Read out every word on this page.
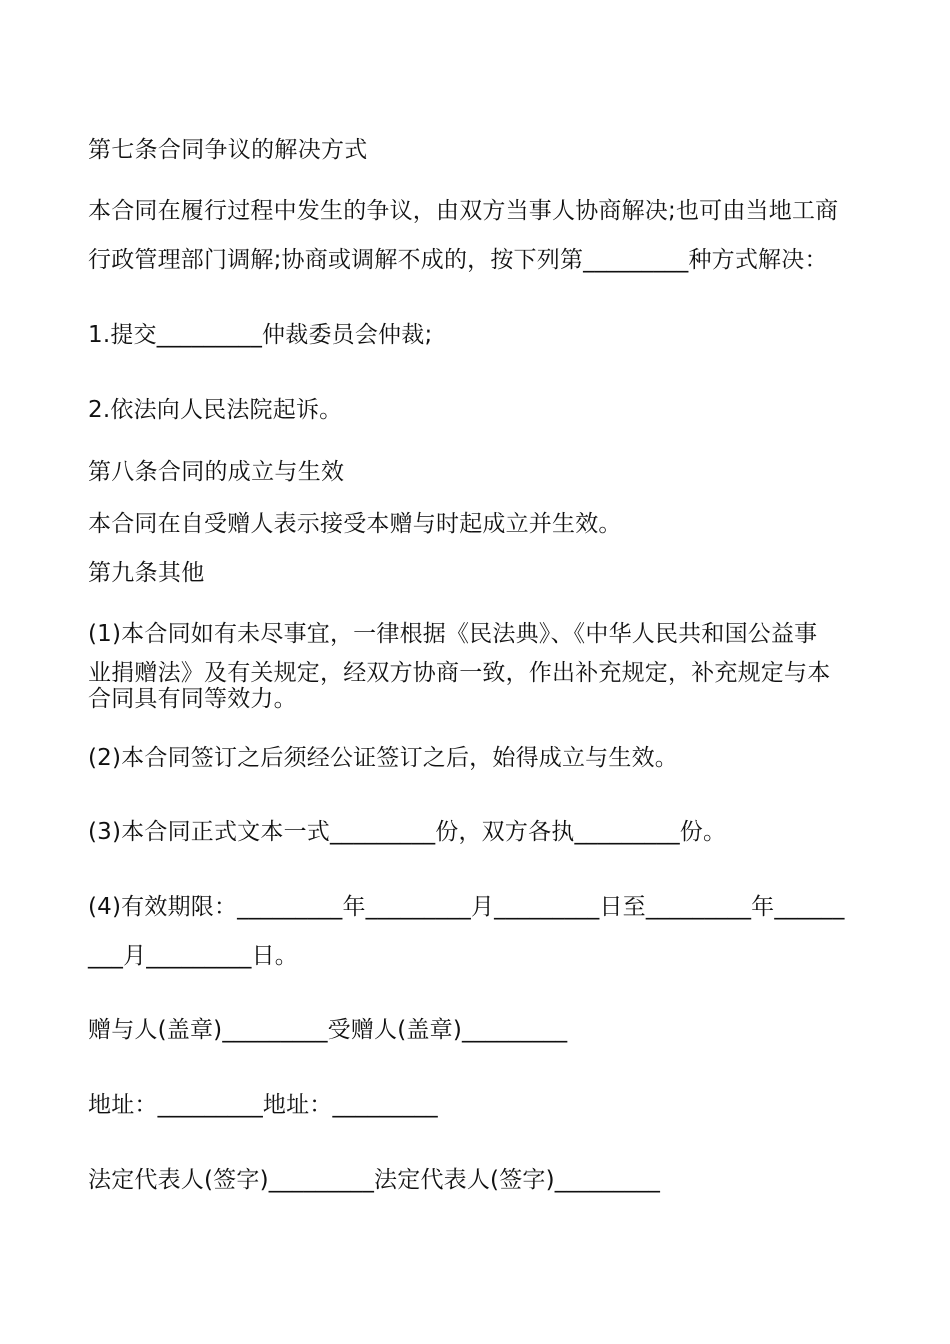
第七条合同争议的解决方式
本合同在履行过程中发生的争议，由双方当事人协商解决;也可由当地工商
行政管理部门调解;协商或调解不成的，按下列第_________种方式解决：
1.提交_________仲裁委员会仲裁;
2.依法向人民法院起诉。
第八条合同的成立与生效
本合同在自受赠人表示接受本赠与时起成立并生效。
第九条其他
(1)本合同如有未尽事宜，一律根据《民法典》、《中华人民共和国公益事
业捐赠法》及有关规定，经双方协商一致，作出补充规定，补充规定与本
合同具有同等效力。
(2)本合同签订之后须经公证签订之后，始得成立与生效。
(3)本合同正式文本一式_________份，双方各执_________份。
(4)有效期限：_________年_________月_________日至_________年______
___月_________日。
赠与人(盖章)_________受赠人(盖章)_________
地址：_________地址：_________
法定代表人(签字)_________法定代表人(签字)_________
